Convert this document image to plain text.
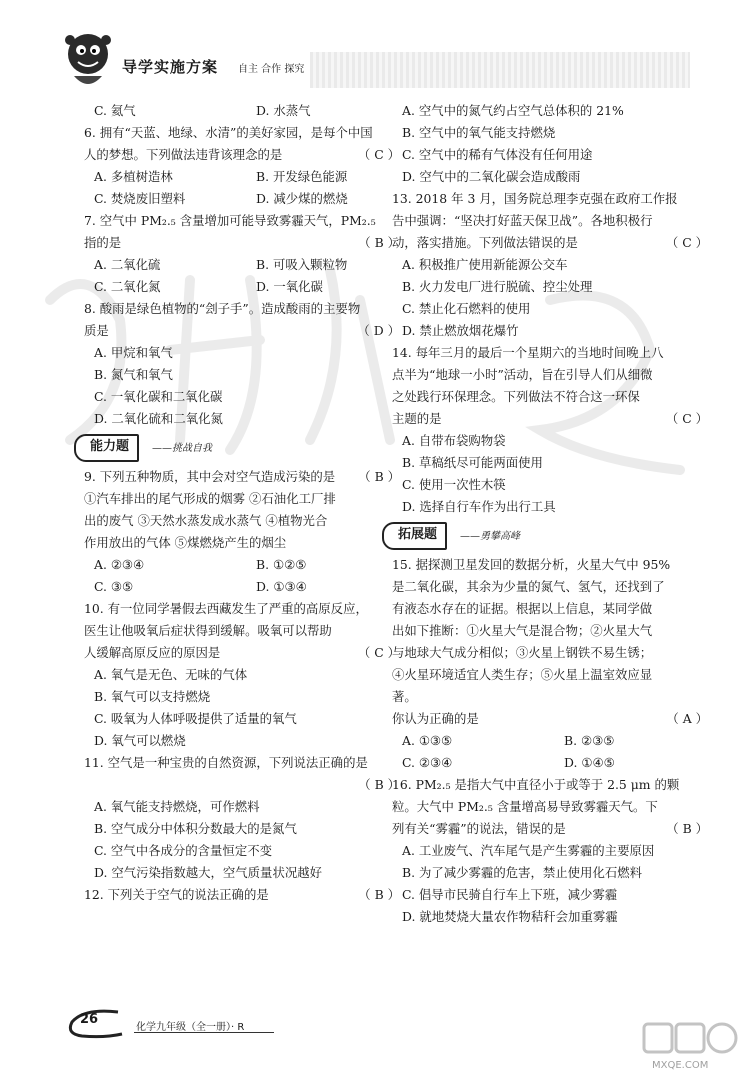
导学实施方案 自主 合作 探究
C. 氦气	D. 水蒸气
6. 拥有“天蓝、地绿、水清”的美好家园，是每个中国
人的梦想。下列做法违背该理念的是	（ C ）
A. 多植树造林	B. 开发绿色能源
C. 焚烧废旧塑料	D. 减少煤的燃烧
7. 空气中 PM₂.₅ 含量增加可能导致雾霾天气，PM₂.₅
指的是	（ B ）
A. 二氧化硫	B. 可吸入颗粒物
C. 二氧化氮	D. 一氧化碳
8. 酸雨是绿色植物的“刽子手”。造成酸雨的主要物
质是	（ D ）
A. 甲烷和氧气
B. 氮气和氧气
C. 一氧化碳和二氧化碳
D. 二氧化硫和二氧化氮
能力题	——挑战自我
9. 下列五种物质，其中会对空气造成污染的是 （ B ）
①汽车排出的尾气形成的烟雾 ②石油化工厂排
出的废气 ③天然水蒸发成水蒸气 ④植物光合
作用放出的气体 ⑤煤燃烧产生的烟尘
A. ②③④	B. ①②⑤
C. ③⑤	D. ①③④
10. 有一位同学暑假去西藏发生了严重的高原反应，
医生让他吸氧后症状得到缓解。吸氧可以帮助
人缓解高原反应的原因是	（ C ）
A. 氧气是无色、无味的气体
B. 氧气可以支持燃烧
C. 吸氧为人体呼吸提供了适量的氧气
D. 氧气可以燃烧
11. 空气是一种宝贵的自然资源，下列说法正确的是
（ B ）

A. 氧气能支持燃烧，可作燃料
B. 空气成分中体积分数最大的是氮气
C. 空气中各成分的含量恒定不变
D. 空气污染指数越大，空气质量状况越好
12. 下列关于空气的说法正确的是	（ B ）
A. 空气中的氮气约占空气总体积的 21%
B. 空气中的氧气能支持燃烧
C. 空气中的稀有气体没有任何用途
D. 空气中的二氧化碳会造成酸雨
13. 2018 年 3 月，国务院总理李克强在政府工作报
告中强调：“坚决打好蓝天保卫战”。各地积极行
动，落实措施。下列做法错误的是	（ C ）
A. 积极推广使用新能源公交车
B. 火力发电厂进行脱硫、控尘处理
C. 禁止化石燃料的使用
D. 禁止燃放烟花爆竹
14. 每年三月的最后一个星期六的当地时间晚上八
点半为“地球一小时”活动，旨在引导人们从细微
之处践行环保理念。下列做法不符合这一环保
主题的是	（ C ）
A. 自带布袋购物袋
B. 草稿纸尽可能两面使用
C. 使用一次性木筷
D. 选择自行车作为出行工具
拓展题	——勇攀高峰
15. 据探测卫星发回的数据分析，火星大气中 95%
是二氧化碳，其余为少量的氮气、氢气，还找到了
有液态水存在的证据。根据以上信息，某同学做
出如下推断：①火星大气是混合物；②火星大气
与地球大气成分相似；③火星上钢铁不易生锈；
④火星环境适宜人类生存；⑤火星上温室效应显
著。
你认为正确的是	（ A ）
A. ①③⑤	B. ②③⑤
C. ②③④	D. ①④⑤
16. PM₂.₅ 是指大气中直径小于或等于 2.5 μm 的颗
粒。大气中 PM₂.₅ 含量增高易导致雾霾天气。下
列有关“雾霾”的说法，错误的是	（ B ）
A. 工业废气、汽车尾气是产生雾霾的主要原因
B. 为了减少雾霾的危害，禁止使用化石燃料
C. 倡导市民骑自行车上下班，减少雾霾
D. 就地焚烧大量农作物秸秆会加重雾霾
26
化学九年级（全一册）· R
MXQE.COM
